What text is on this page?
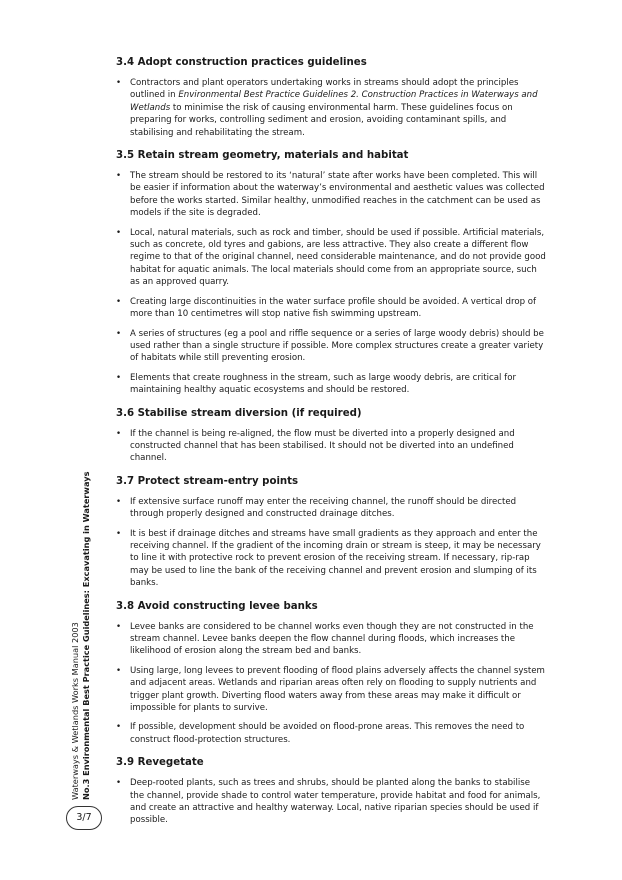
3.4 Adopt construction practices guidelines
• Contractors and plant operators undertaking works in streams should adopt the principles outlined in Environmental Best Practice Guidelines 2. Construction Practices in Waterways and Wetlands to minimise the risk of causing environmental harm. These guidelines focus on preparing for works, controlling sediment and erosion, avoiding contaminant spills, and stabilising and rehabilitating the stream.
3.5 Retain stream geometry, materials and habitat
• The stream should be restored to its ‘natural’ state after works have been completed. This will be easier if information about the waterway’s environmental and aesthetic values was collected before the works started. Similar healthy, unmodified reaches in the catchment can be used as models if the site is degraded.
• Local, natural materials, such as rock and timber, should be used if possible. Artificial materials, such as concrete, old tyres and gabions, are less attractive. They also create a different flow regime to that of the original channel, need considerable maintenance, and do not provide good habitat for aquatic animals. The local materials should come from an appropriate source, such as an approved quarry.
• Creating large discontinuities in the water surface profile should be avoided. A vertical drop of more than 10 centimetres will stop native fish swimming upstream.
• A series of structures (eg a pool and riffle sequence or a series of large woody debris) should be used rather than a single structure if possible. More complex structures create a greater variety of habitats while still preventing erosion.
• Elements that create roughness in the stream, such as large woody debris, are critical for maintaining healthy aquatic ecosystems and should be restored.
3.6 Stabilise stream diversion (if required)
• If the channel is being re-aligned, the flow must be diverted into a properly designed and constructed channel that has been stabilised. It should not be diverted into an undefined channel.
3.7 Protect stream-entry points
• If extensive surface runoff may enter the receiving channel, the runoff should be directed through properly designed and constructed drainage ditches.
• It is best if drainage ditches and streams have small gradients as they approach and enter the receiving channel. If the gradient of the incoming drain or stream is steep, it may be necessary to line it with protective rock to prevent erosion of the receiving stream. If necessary, rip-rap may be used to line the bank of the receiving channel and prevent erosion and slumping of its banks.
3.8 Avoid constructing levee banks
• Levee banks are considered to be channel works even though they are not constructed in the stream channel. Levee banks deepen the flow channel during floods, which increases the likelihood of erosion along the stream bed and banks.
• Using large, long levees to prevent flooding of flood plains adversely affects the channel system and adjacent areas. Wetlands and riparian areas often rely on flooding to supply nutrients and trigger plant growth. Diverting flood waters away from these areas may make it difficult or impossible for plants to survive.
• If possible, development should be avoided on flood-prone areas. This removes the need to construct flood-protection structures.
3.9 Revegetate
• Deep-rooted plants, such as trees and shrubs, should be planted along the banks to stabilise the channel, provide shade to control water temperature, provide habitat and food for animals, and create an attractive and healthy waterway. Local, native riparian species should be used if possible.
Waterways & Wetlands Works Manual 2003 No.3 Environmental Best Practice Guidelines: Excavating in Waterways
3/7
